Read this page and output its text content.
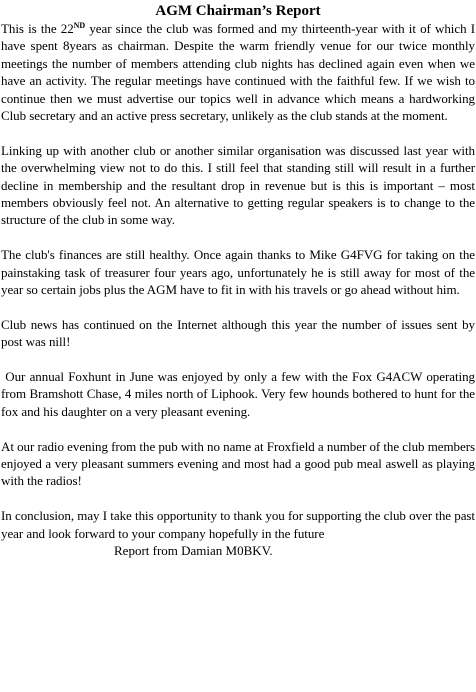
AGM Chairman’s Report

This is the 22ND year since the club was formed and my thirteenth-year with it of which I have spent 8years as chairman. Despite the warm friendly venue for our twice monthly meetings the number of members attending club nights has declined again even when we have an activity. The regular meetings have continued with the faithful few. If we wish to continue then we must advertise our topics well in advance which means a hardworking Club secretary and an active press secretary, unlikely as the club stands at the moment.

Linking up with another club or another similar organisation was discussed last year with the overwhelming view not to do this. I still feel that standing still will result in a further decline in membership and the resultant drop in revenue but is this is important – most members obviously feel not. An alternative to getting regular speakers is to change to the structure of the club in some way.

The club's finances are still healthy. Once again thanks to Mike G4FVG for taking on the painstaking task of treasurer four years ago, unfortunately he is still away for most of the year so certain jobs plus the AGM have to fit in with his travels or go ahead without him.

Club news has continued on the Internet although this year the number of issues sent by post was nill!

Our annual Foxhunt in June was enjoyed by only a few with the Fox G4ACW operating from Bramshott Chase, 4 miles north of Liphook. Very few hounds bothered to hunt for the fox and his daughter on a very pleasant evening.

At our radio evening from the pub with no name at Froxfield a number of the club members enjoyed a very pleasant summers evening and most had a good pub meal aswell as playing with the radios!

In conclusion, may I take this opportunity to thank you for supporting the club over the past year and look forward to your company hopefully in the future

Report from Damian M0BKV.
